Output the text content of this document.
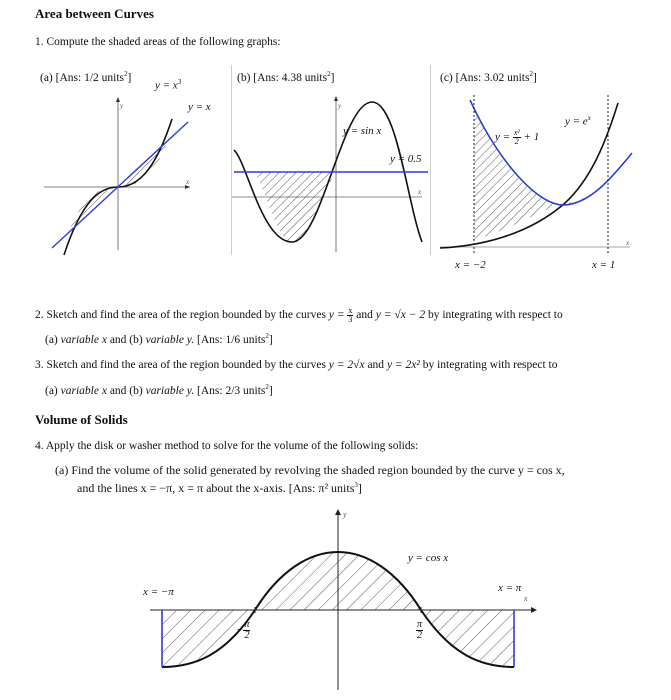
Area between Curves
1. Compute the shaded areas of the following graphs:
(a) [Ans: 1/2 units$^2$]	(b) [Ans: 4.38 units$^2$]	(c) [Ans: 3.02 units$^2$]
y
x
$y = x^3$
y = x	y
x
y = sin x
y = 0.5
x
$y = e^x$
$y = \frac{\text{x²}}{2} + 1$
x = −2	x = 1
2. Sketch and find the area of the region bounded by the curves $y = \frac{x}{3}$ and y = √x − 2 by integrating with respect to
(a) variable x and (b) variable y. [Ans: 1/6 units$^2$]
3. Sketch and find the area of the region bounded by the curves y = 2√x and y = 2x² by integrating with respect to
(a) variable x and (b) variable y. [Ans: 2/3 units$^2$]
Volume of Solids
4. Apply the disk or washer method to solve for the volume of the following solids:
(a) Find the volume of the solid generated by revolving the shaded region bounded by the curve y = cos x,
and the lines x = −π, x = π about the x-axis. [Ans: π² units$^3$]
y
x
y = cos x
x = −π	x = π
− $\frac{\pi}{2}$	$\frac{\pi}{2}$
